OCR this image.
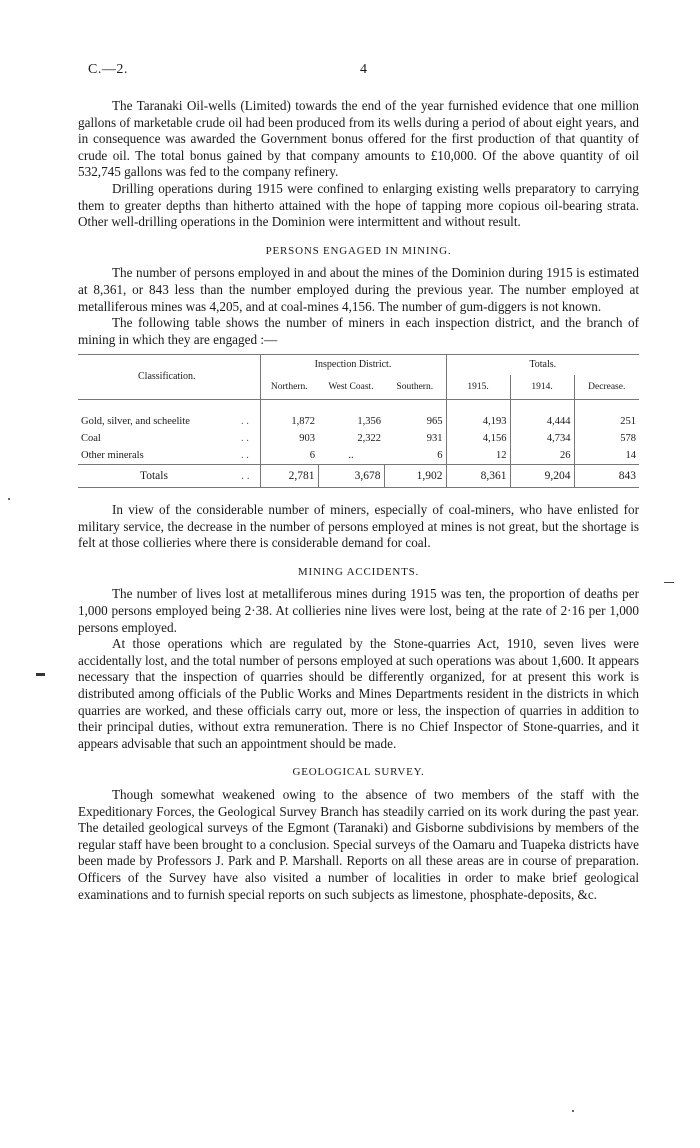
C.—2.	4

The Taranaki Oil-wells (Limited) towards the end of the year furnished evidence that one million gallons of marketable crude oil had been produced from its wells during a period of about eight years, and in consequence was awarded the Government bonus offered for the first production of that quantity of crude oil. The total bonus gained by that company amounts to £10,000. Of the above quantity of oil 532,745 gallons was fed to the company refinery.

Drilling operations during 1915 were confined to enlarging existing wells preparatory to carrying them to greater depths than hitherto attained with the hope of tapping more copious oil-bearing strata. Other well-drilling operations in the Dominion were intermittent and without result.

PERSONS ENGAGED IN MINING.

The number of persons employed in and about the mines of the Dominion during 1915 is estimated at 8,361, or 843 less than the number employed during the previous year. The number employed at metalliferous mines was 4,205, and at coal-mines 4,156. The number of gum-diggers is not known.

The following table shows the number of miners in each inspection district, and the branch of mining in which they are engaged :—

Classification.		Inspection District.			Totals.		
		Northern.	West Coast.	Southern.	1915.	1914.	Decrease.

Gold, silver, and scheelite	. .	1,872	1,356	965	4,193	4,444	251
Coal	. .	903	2,322	931	4,156	4,734	578
Other minerals	. .	6	..	6	12	26	14
Totals	. .	2,781	3,678	1,902	8,361	9,204	843

In view of the considerable number of miners, especially of coal-miners, who have enlisted for military service, the decrease in the number of persons employed at mines is not great, but the shortage is felt at those collieries where there is considerable demand for coal.

MINING ACCIDENTS.

The number of lives lost at metalliferous mines during 1915 was ten, the proportion of deaths per 1,000 persons employed being 2·38. At collieries nine lives were lost, being at the rate of 2·16 per 1,000 persons employed.

At those operations which are regulated by the Stone-quarries Act, 1910, seven lives were accidentally lost, and the total number of persons employed at such operations was about 1,600. It appears necessary that the inspection of quarries should be differently organized, for at present this work is distributed among officials of the Public Works and Mines Departments resident in the districts in which quarries are worked, and these officials carry out, more or less, the inspection of quarries in addition to their principal duties, without extra remuneration. There is no Chief Inspector of Stone-quarries, and it appears advisable that such an appointment should be made.

GEOLOGICAL SURVEY.

Though somewhat weakened owing to the absence of two members of the staff with the Expeditionary Forces, the Geological Survey Branch has steadily carried on its work during the past year. The detailed geological surveys of the Egmont (Taranaki) and Gisborne subdivisions by members of the regular staff have been brought to a conclusion. Special surveys of the Oamaru and Tuapeka districts have been made by Professors J. Park and P. Marshall. Reports on all these areas are in course of preparation. Officers of the Survey have also visited a number of localities in order to make brief geological examinations and to furnish special reports on such subjects as limestone, phosphate-deposits, &c.
